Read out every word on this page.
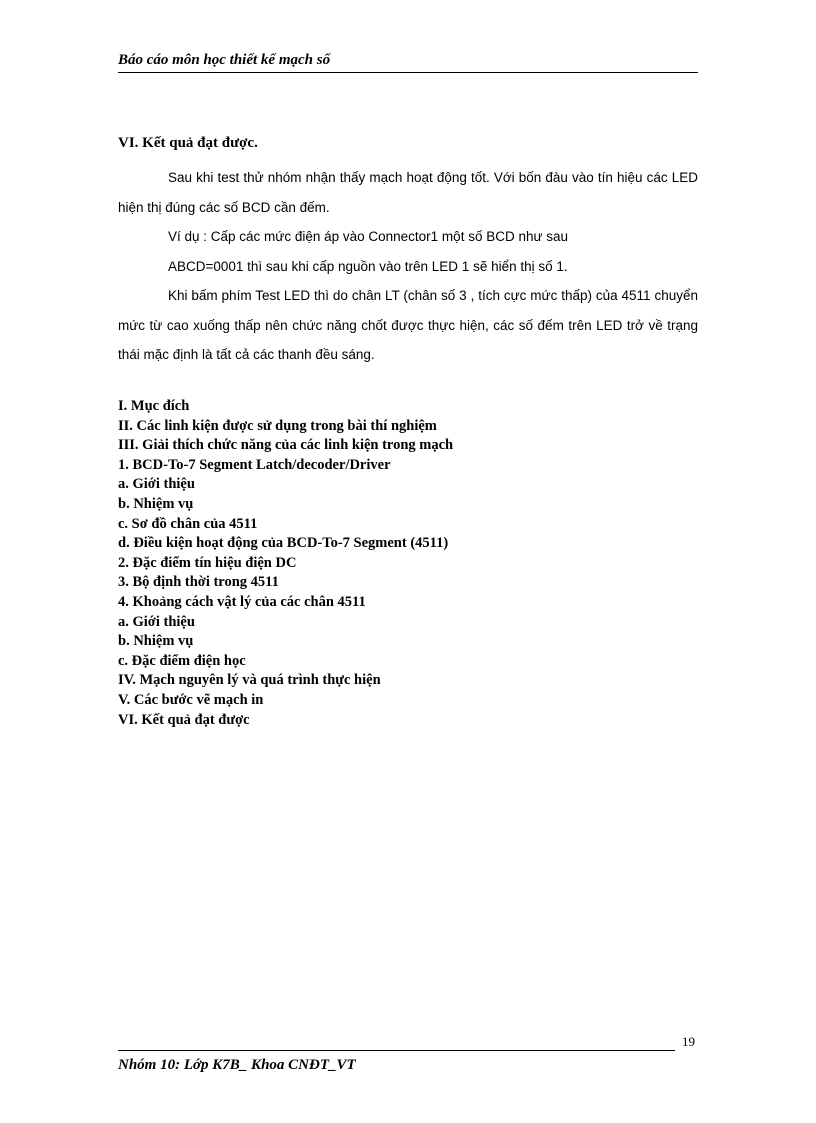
Báo cáo môn học thiết kế mạch số

VI. Kết quả đạt được.

Sau khi test thử nhóm nhận thấy mạch hoạt động tốt. Với bốn đàu vào tín hiệu các LED hiện thị đúng các số BCD cần đếm.

Ví dụ : Cấp các mức điện áp vào Connector1 một số BCD như sau

ABCD=0001 thì sau khi cấp nguồn vào trên LED 1 sẽ hiển thị số 1.

Khi bấm phím Test LED thì do chân LT (chân số 3 , tích cực mức thấp) của 4511 chuyển mức từ cao xuống thấp nên chức năng chốt được thực hiện, các số đếm trên LED trở về trạng thái mặc định là tất cả các thanh đều sáng.

I. Mục đích
II. Các linh kiện được sử dụng trong bài thí nghiệm
III. Giải thích chức năng của các linh kiện trong mạch
1. BCD-To-7 Segment Latch/decoder/Driver
a. Giới thiệu
b. Nhiệm vụ
c. Sơ đồ chân của 4511
d. Điều kiện hoạt động của BCD-To-7 Segment (4511)
2. Đặc điểm tín hiệu điện DC
3. Bộ định thời trong 4511
4. Khoảng cách vật lý của các chân 4511
a. Giới thiệu
b. Nhiệm vụ
c. Đặc điểm điện học
IV. Mạch nguyên lý và quá trình thực hiện
V. Các bước vẽ mạch in
VI. Kết quả đạt được
19
Nhóm 10: Lớp K7B_ Khoa CNĐT_VT
